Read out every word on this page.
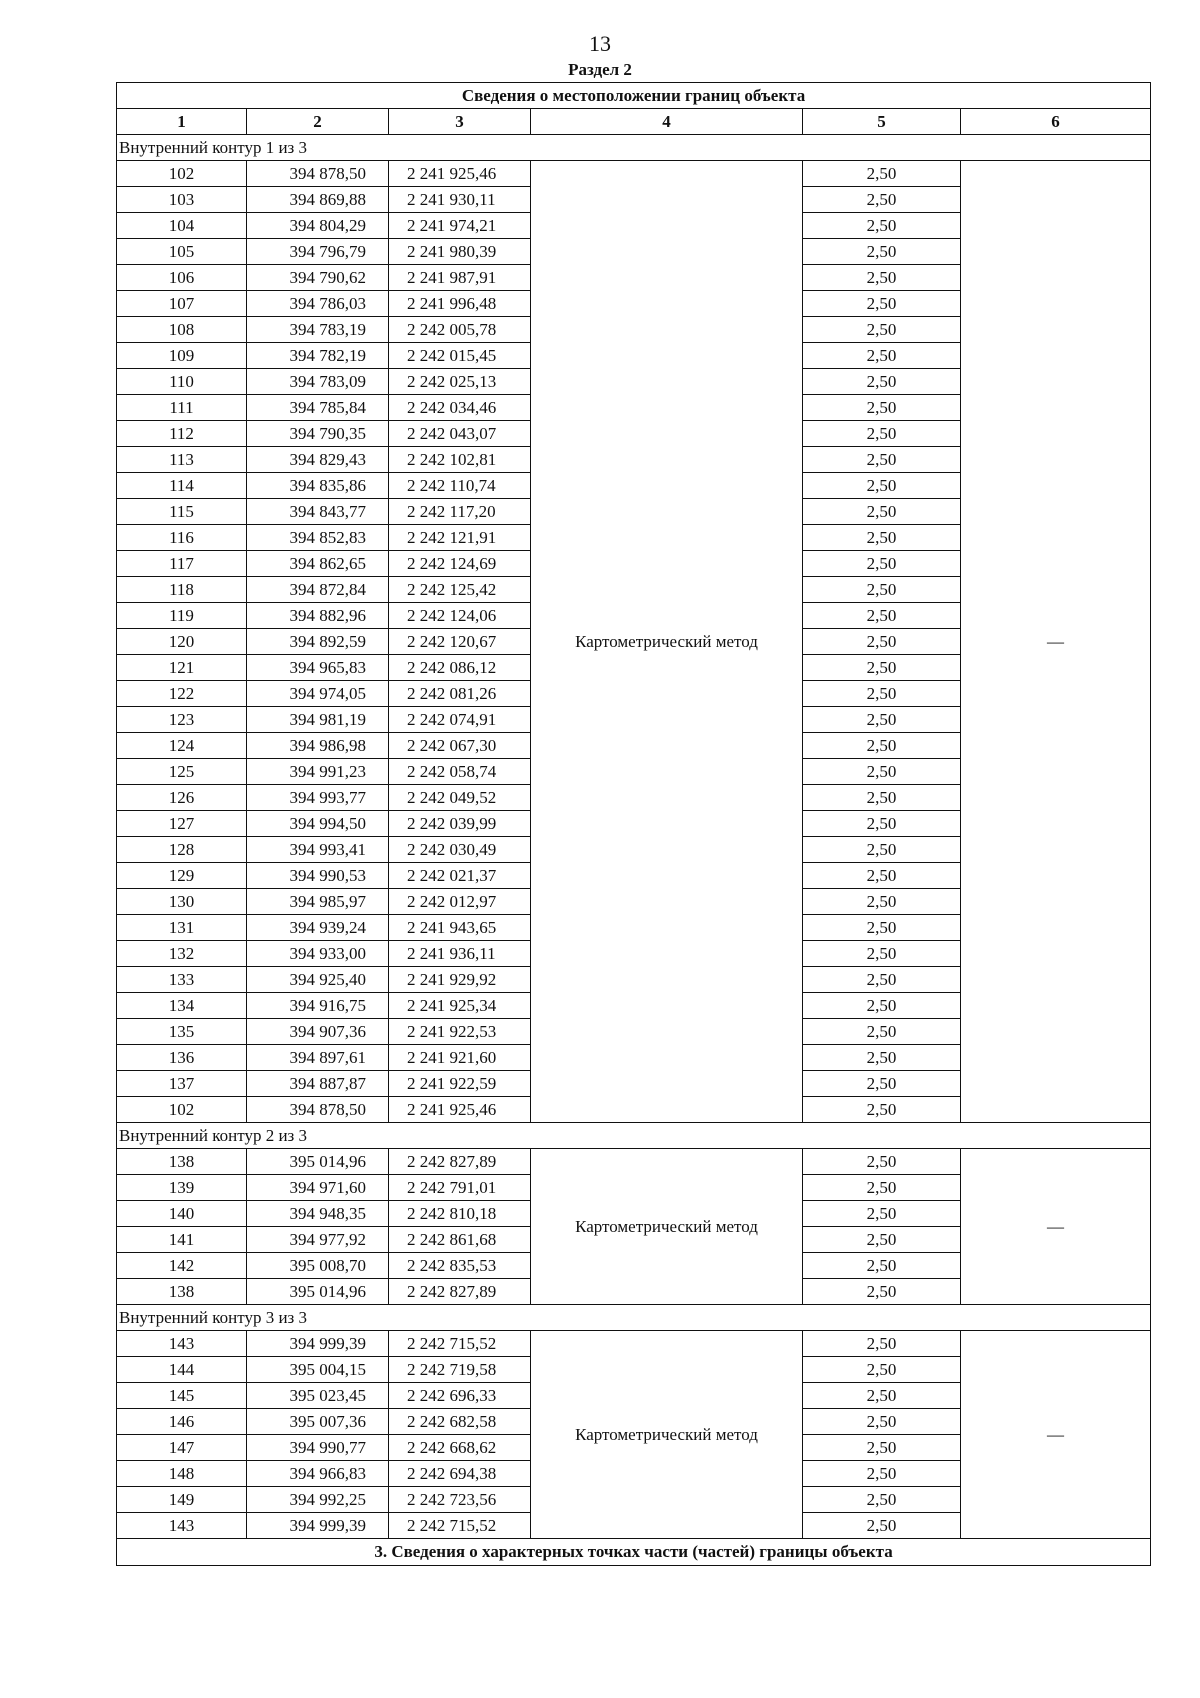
13
Раздел 2
Сведения о местоположении границ объекта					
1	2	3	4	5	6
Внутренний контур 1 из 3					
102	394 878,50	2 241 925,46	Картометрический метод	2,50	—
103	394 869,88	2 241 930,11		2,50	
104	394 804,29	2 241 974,21		2,50	
105	394 796,79	2 241 980,39		2,50	
106	394 790,62	2 241 987,91		2,50	
107	394 786,03	2 241 996,48		2,50	
108	394 783,19	2 242 005,78		2,50	
109	394 782,19	2 242 015,45		2,50	
110	394 783,09	2 242 025,13		2,50	
111	394 785,84	2 242 034,46		2,50	
112	394 790,35	2 242 043,07		2,50	
113	394 829,43	2 242 102,81		2,50	
114	394 835,86	2 242 110,74		2,50	
115	394 843,77	2 242 117,20		2,50	
116	394 852,83	2 242 121,91		2,50	
117	394 862,65	2 242 124,69		2,50	
118	394 872,84	2 242 125,42		2,50	
119	394 882,96	2 242 124,06		2,50	
120	394 892,59	2 242 120,67		2,50	
121	394 965,83	2 242 086,12		2,50	
122	394 974,05	2 242 081,26		2,50	
123	394 981,19	2 242 074,91		2,50	
124	394 986,98	2 242 067,30		2,50	
125	394 991,23	2 242 058,74		2,50	
126	394 993,77	2 242 049,52		2,50	
127	394 994,50	2 242 039,99		2,50	
128	394 993,41	2 242 030,49		2,50	
129	394 990,53	2 242 021,37		2,50	
130	394 985,97	2 242 012,97		2,50	
131	394 939,24	2 241 943,65		2,50	
132	394 933,00	2 241 936,11		2,50	
133	394 925,40	2 241 929,92		2,50	
134	394 916,75	2 241 925,34		2,50	
135	394 907,36	2 241 922,53		2,50	
136	394 897,61	2 241 921,60		2,50	
137	394 887,87	2 241 922,59		2,50	
102	394 878,50	2 241 925,46		2,50	
Внутренний контур 2 из 3					
138	395 014,96	2 242 827,89	Картометрический метод	2,50	—
139	394 971,60	2 242 791,01		2,50	
140	394 948,35	2 242 810,18		2,50	
141	394 977,92	2 242 861,68		2,50	
142	395 008,70	2 242 835,53		2,50	
138	395 014,96	2 242 827,89		2,50	
Внутренний контур 3 из 3					
143	394 999,39	2 242 715,52	Картометрический метод	2,50	—
144	395 004,15	2 242 719,58		2,50	
145	395 023,45	2 242 696,33		2,50	
146	395 007,36	2 242 682,58		2,50	
147	394 990,77	2 242 668,62		2,50	
148	394 966,83	2 242 694,38		2,50	
149	394 992,25	2 242 723,56		2,50	
143	394 999,39	2 242 715,52		2,50	
3. Сведения о характерных точках части (частей) границы объекта					
